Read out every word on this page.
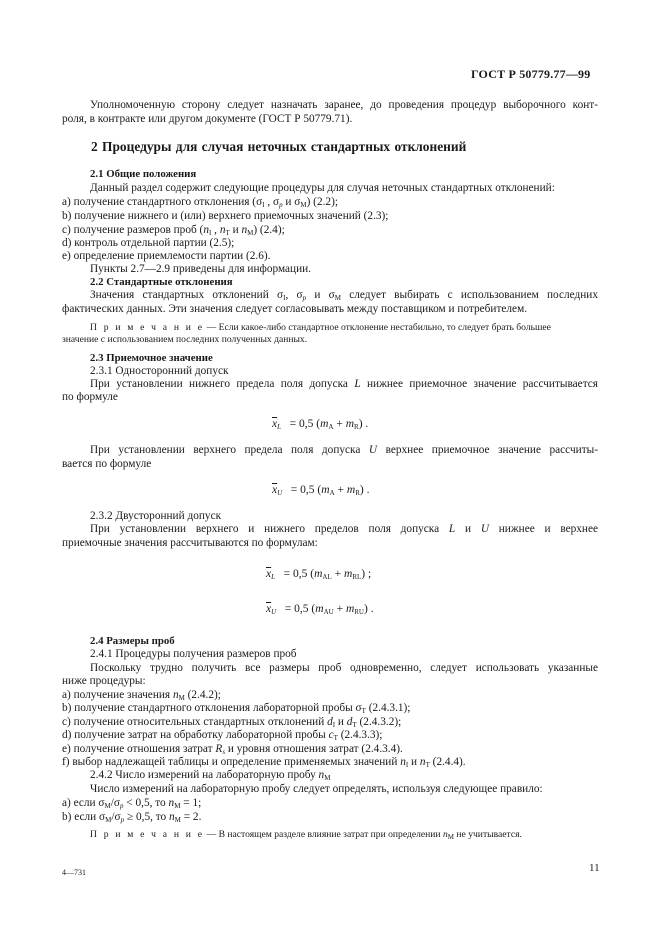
ГОСТ Р 50779.77—99
Уполномоченную сторону следует назначать заранее, до проведения процедур выборочного конт-
роля, в контракте или другом документе (ГОСТ Р 50779.71).
2 Процедуры для случая неточных стандартных отклонений
2.1 Общие положения
Данный раздел содержит следующие процедуры для случая неточных стандартных отклонений:
а) получение стандартного отклонения ($\sigma_I$ , $\sigma_p$ и $\sigma_M$) (2.2);
b) получение нижнего и (или) верхнего приемочных значений (2.3);
с) получение размеров проб ($n_I$ , $n_T$ и $n_M$) (2.4);
d) контроль отдельной партии (2.5);
е) определение приемлемости партии (2.6).
Пункты 2.7—2.9 приведены для информации.
2.2 Стандартные отклонения
Значения стандартных отклонений $\sigma_I$, $\sigma_p$ и $\sigma_M$ следует выбирать с использованием последних
фактических данных. Эти значения следует согласовывать между поставщиком и потребителем.
П р и м е ч а н и е — Если какое-либо стандартное отклонение нестабильно, то следует брать большее
значение с использованием последних полученных данных.
2.3 Приемочное значение
2.3.1 Односторонний допуск
При установлении нижнего предела поля допуска L нижнее приемочное значение рассчитывается
по формуле
$\overline{x}_L = 0,5$ $(m_A + m_R)$ .
При установлении верхнего предела поля допуска U верхнее приемочное значение рассчиты-
вается по формуле
$\overline{x}_U = 0,5$ $(m_A + m_R)$ .
2.3.2 Двусторонний допуск
При установлении верхнего и нижнего пределов поля допуска L и U нижнее и верхнее
приемочные значения рассчитываются по формулам:
$\overline{x}_L = 0,5$ $(m_{AL} + m_{RL})$ ;
$\overline{x}_U = 0,5$ $(m_{AU} + m_{RU})$ .
2.4 Размеры проб
2.4.1 Процедуры получения размеров проб
Поскольку трудно получить все размеры проб одновременно, следует использовать указанные
ниже процедуры:
а) получение значения $n_M$ (2.4.2);
b) получение стандартного отклонения лабораторной пробы $\sigma_T$ (2.4.3.1);
с) получение относительных стандартных отклонений $d_I$ и $d_T$ (2.4.3.2);
d) получение затрат на обработку лабораторной пробы $c_T$ (2.4.3.3);
е) получение отношения затрат $R_s$ и уровня отношения затрат (2.4.3.4).
f) выбор надлежащей таблицы и определение применяемых значений $n_I$ и $n_T$ (2.4.4).
2.4.2 Число измерений на лабораторную пробу $n_M$
Число измерений на лабораторную пробу следует определять, используя следующее правило:
а) если $\sigma_M/\sigma_p < 0,5$, то $n_M = 1$;
b) если $\sigma_M/\sigma_p \ge 0,5$, то $n_M = 2$.
П р и м е ч а н и е — В настоящем разделе влияние затрат при определении $n_M$ не учитывается.
4—731	11
